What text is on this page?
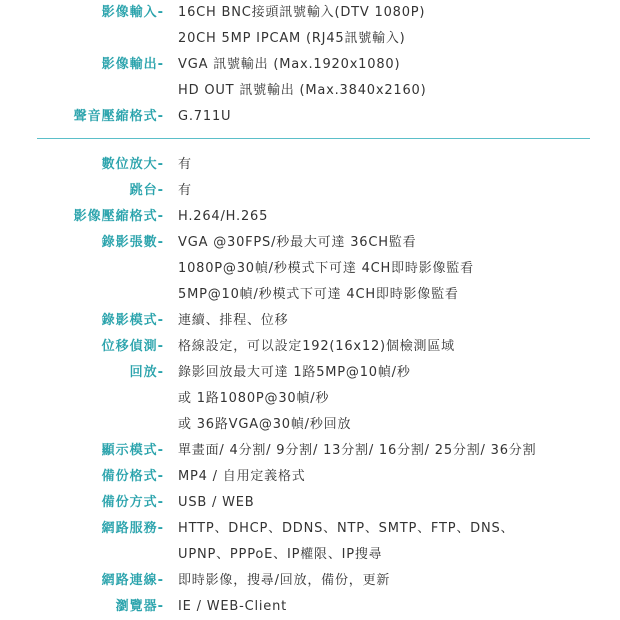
影像輸入- 16CH BNC接頭訊號輸入(DTV 1080P)
20CH 5MP IPCAM (RJ45訊號輸入)
影像輸出- VGA 訊號輸出 (Max.1920x1080)
HD OUT 訊號輸出 (Max.3840x2160)
聲音壓縮格式- G.711U
數位放大- 有
跳台- 有
影像壓縮格式- H.264/H.265
錄影張數- VGA @30FPS/秒最大可達 36CH監看
1080P@30幀/秒模式下可達 4CH即時影像監看
5MP@10幀/秒模式下可達 4CH即時影像監看
錄影模式- 連續、排程、位移
位移偵測- 格線設定，可以設定192(16x12)個檢測區域
回放- 錄影回放最大可達 1路5MP@10幀/秒
或 1路1080P@30幀/秒
或 36路VGA@30幀/秒回放
顯示模式- 單畫面/ 4分割/ 9分割/ 13分割/ 16分割/ 25分割/ 36分割
備份格式- MP4 / 自用定義格式
備份方式- USB / WEB
網路服務- HTTP、DHCP、DDNS、NTP、SMTP、FTP、DNS、
UPNP、PPPoE、IP權限、IP搜尋
網路連線- 即時影像，搜尋/回放，備份，更新
瀏覽器- IE / WEB-Client
